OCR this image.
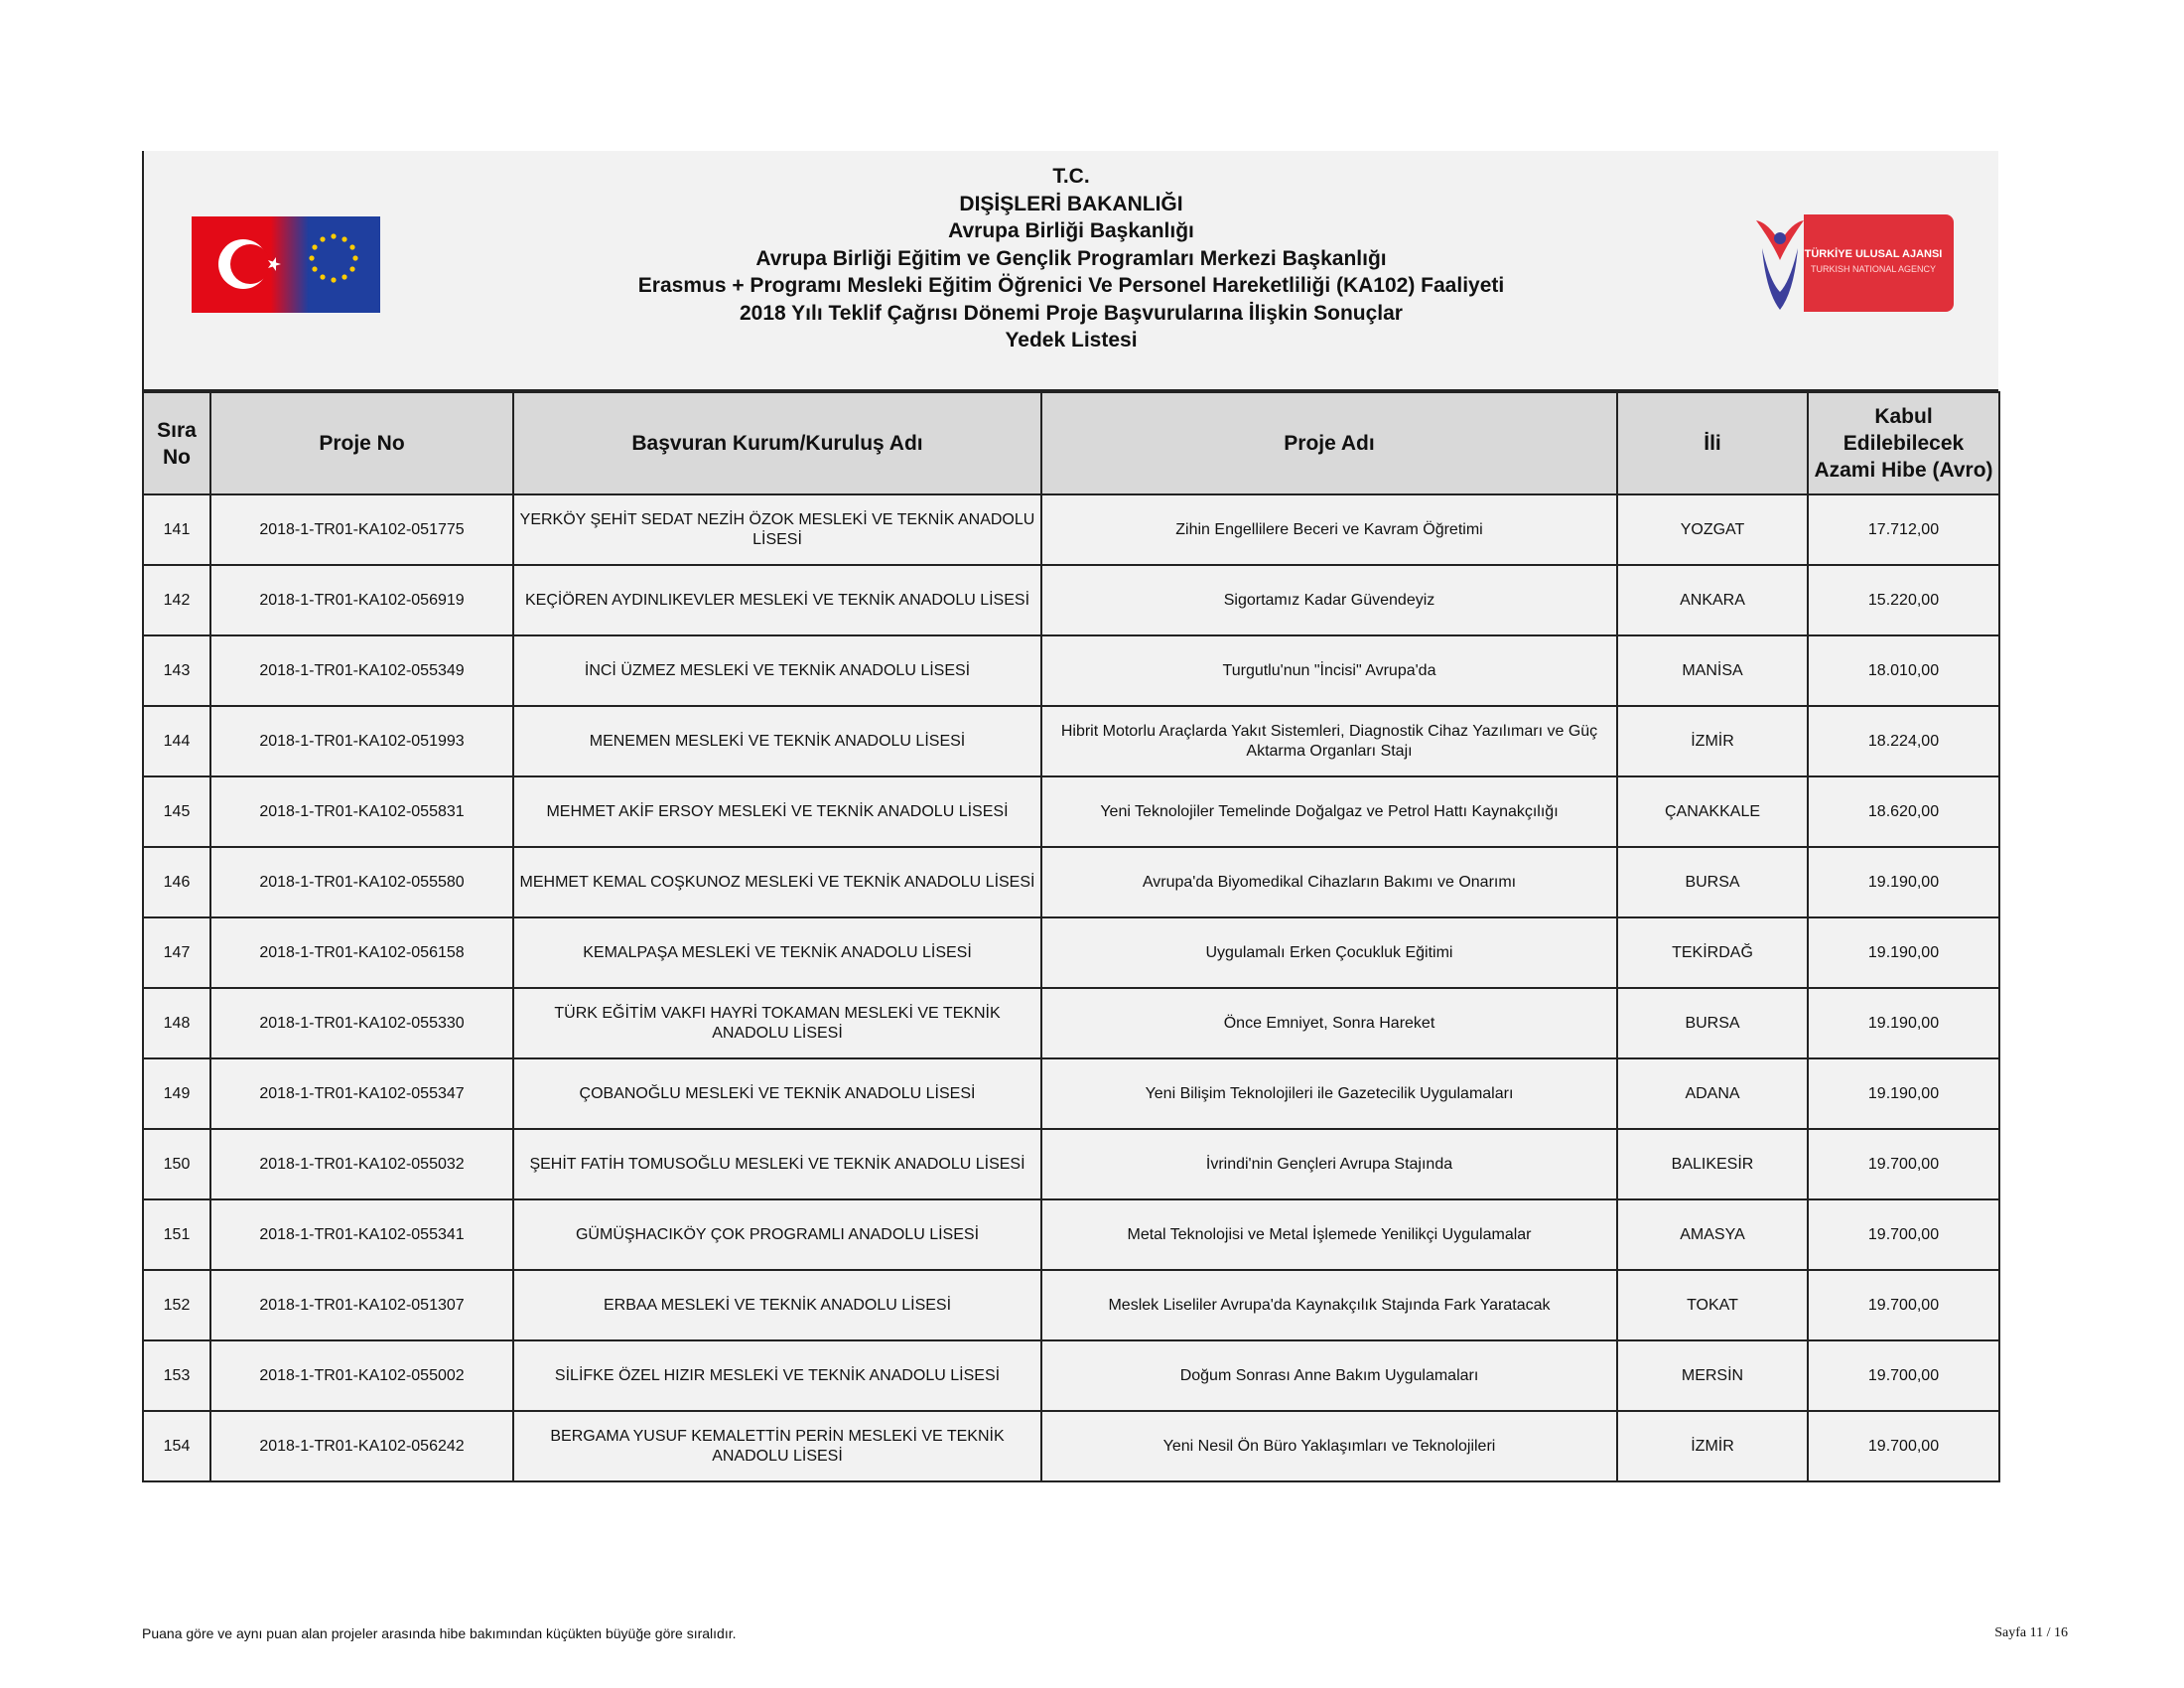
T.C.
DIŞİŞLERİ BAKANLIĞI
Avrupa Birliği Başkanlığı
Avrupa Birliği Eğitim ve Gençlik Programları Merkezi Başkanlığı
Erasmus + Programı Mesleki Eğitim Öğrenici Ve Personel Hareketliliği (KA102) Faaliyeti
2018 Yılı Teklif Çağrısı Dönemi Proje Başvurularına İlişkin Sonuçlar
Yedek Listesi
TÜRKİYE ULUSAL AJANSI
TURKISH NATIONAL AGENCY
Sıra No	Proje No	Başvuran Kurum/Kuruluş Adı	Proje Adı	İli	Kabul Edilebilecek Azami Hibe (Avro)
141	2018-1-TR01-KA102-051775	YERKÖY ŞEHİT SEDAT NEZİH ÖZOK MESLEKİ VE TEKNİK ANADOLU LİSESİ	Zihin Engellilere Beceri ve Kavram Öğretimi	YOZGAT	17.712,00
142	2018-1-TR01-KA102-056919	KEÇİÖREN AYDINLIKEVLER MESLEKİ VE TEKNİK ANADOLU LİSESİ	Sigortamız Kadar Güvendeyiz	ANKARA	15.220,00
143	2018-1-TR01-KA102-055349	İNCİ ÜZMEZ MESLEKİ VE TEKNİK ANADOLU LİSESİ	Turgutlu'nun "İncisi" Avrupa'da	MANİSA	18.010,00
144	2018-1-TR01-KA102-051993	MENEMEN MESLEKİ VE TEKNİK ANADOLU LİSESİ	Hibrit Motorlu Araçlarda Yakıt Sistemleri, Diagnostik Cihaz Yazılımarı ve Güç Aktarma Organları Stajı	İZMİR	18.224,00
145	2018-1-TR01-KA102-055831	MEHMET AKİF ERSOY MESLEKİ VE TEKNİK ANADOLU LİSESİ	Yeni Teknolojiler Temelinde Doğalgaz ve Petrol Hattı Kaynakçılığı	ÇANAKKALE	18.620,00
146	2018-1-TR01-KA102-055580	MEHMET KEMAL COŞKUNOZ MESLEKİ VE TEKNİK ANADOLU LİSESİ	Avrupa'da Biyomedikal Cihazların Bakımı ve Onarımı	BURSA	19.190,00
147	2018-1-TR01-KA102-056158	KEMALPAŞA MESLEKİ VE TEKNİK ANADOLU LİSESİ	Uygulamalı Erken Çocukluk Eğitimi	TEKİRDAĞ	19.190,00
148	2018-1-TR01-KA102-055330	TÜRK EĞİTİM VAKFI HAYRİ TOKAMAN MESLEKİ VE TEKNİK ANADOLU LİSESİ	Önce Emniyet, Sonra Hareket	BURSA	19.190,00
149	2018-1-TR01-KA102-055347	ÇOBANOĞLU MESLEKİ VE TEKNİK ANADOLU LİSESİ	Yeni Bilişim Teknolojileri ile Gazetecilik Uygulamaları	ADANA	19.190,00
150	2018-1-TR01-KA102-055032	ŞEHİT FATİH TOMUSOĞLU MESLEKİ VE TEKNİK ANADOLU LİSESİ	İvrindi'nin Gençleri Avrupa Stajında	BALIKESİR	19.700,00
151	2018-1-TR01-KA102-055341	GÜMÜŞHACIKÖY ÇOK PROGRAMLI ANADOLU LİSESİ	Metal Teknolojisi ve Metal İşlemede Yenilikçi Uygulamalar	AMASYA	19.700,00
152	2018-1-TR01-KA102-051307	ERBAA MESLEKİ VE TEKNİK ANADOLU LİSESİ	Meslek Liseliler Avrupa'da Kaynakçılık Stajında Fark Yaratacak	TOKAT	19.700,00
153	2018-1-TR01-KA102-055002	SİLİFKE ÖZEL HIZIR MESLEKİ VE TEKNİK ANADOLU LİSESİ	Doğum Sonrası Anne Bakım Uygulamaları	MERSİN	19.700,00
154	2018-1-TR01-KA102-056242	BERGAMA YUSUF KEMALETTİN PERİN MESLEKİ VE TEKNİK ANADOLU LİSESİ	Yeni Nesil Ön Büro Yaklaşımları ve Teknolojileri	İZMİR	19.700,00
Puana göre ve aynı puan alan projeler arasında hibe bakımından küçükten büyüğe göre sıralıdır.	Sayfa 11 / 16
